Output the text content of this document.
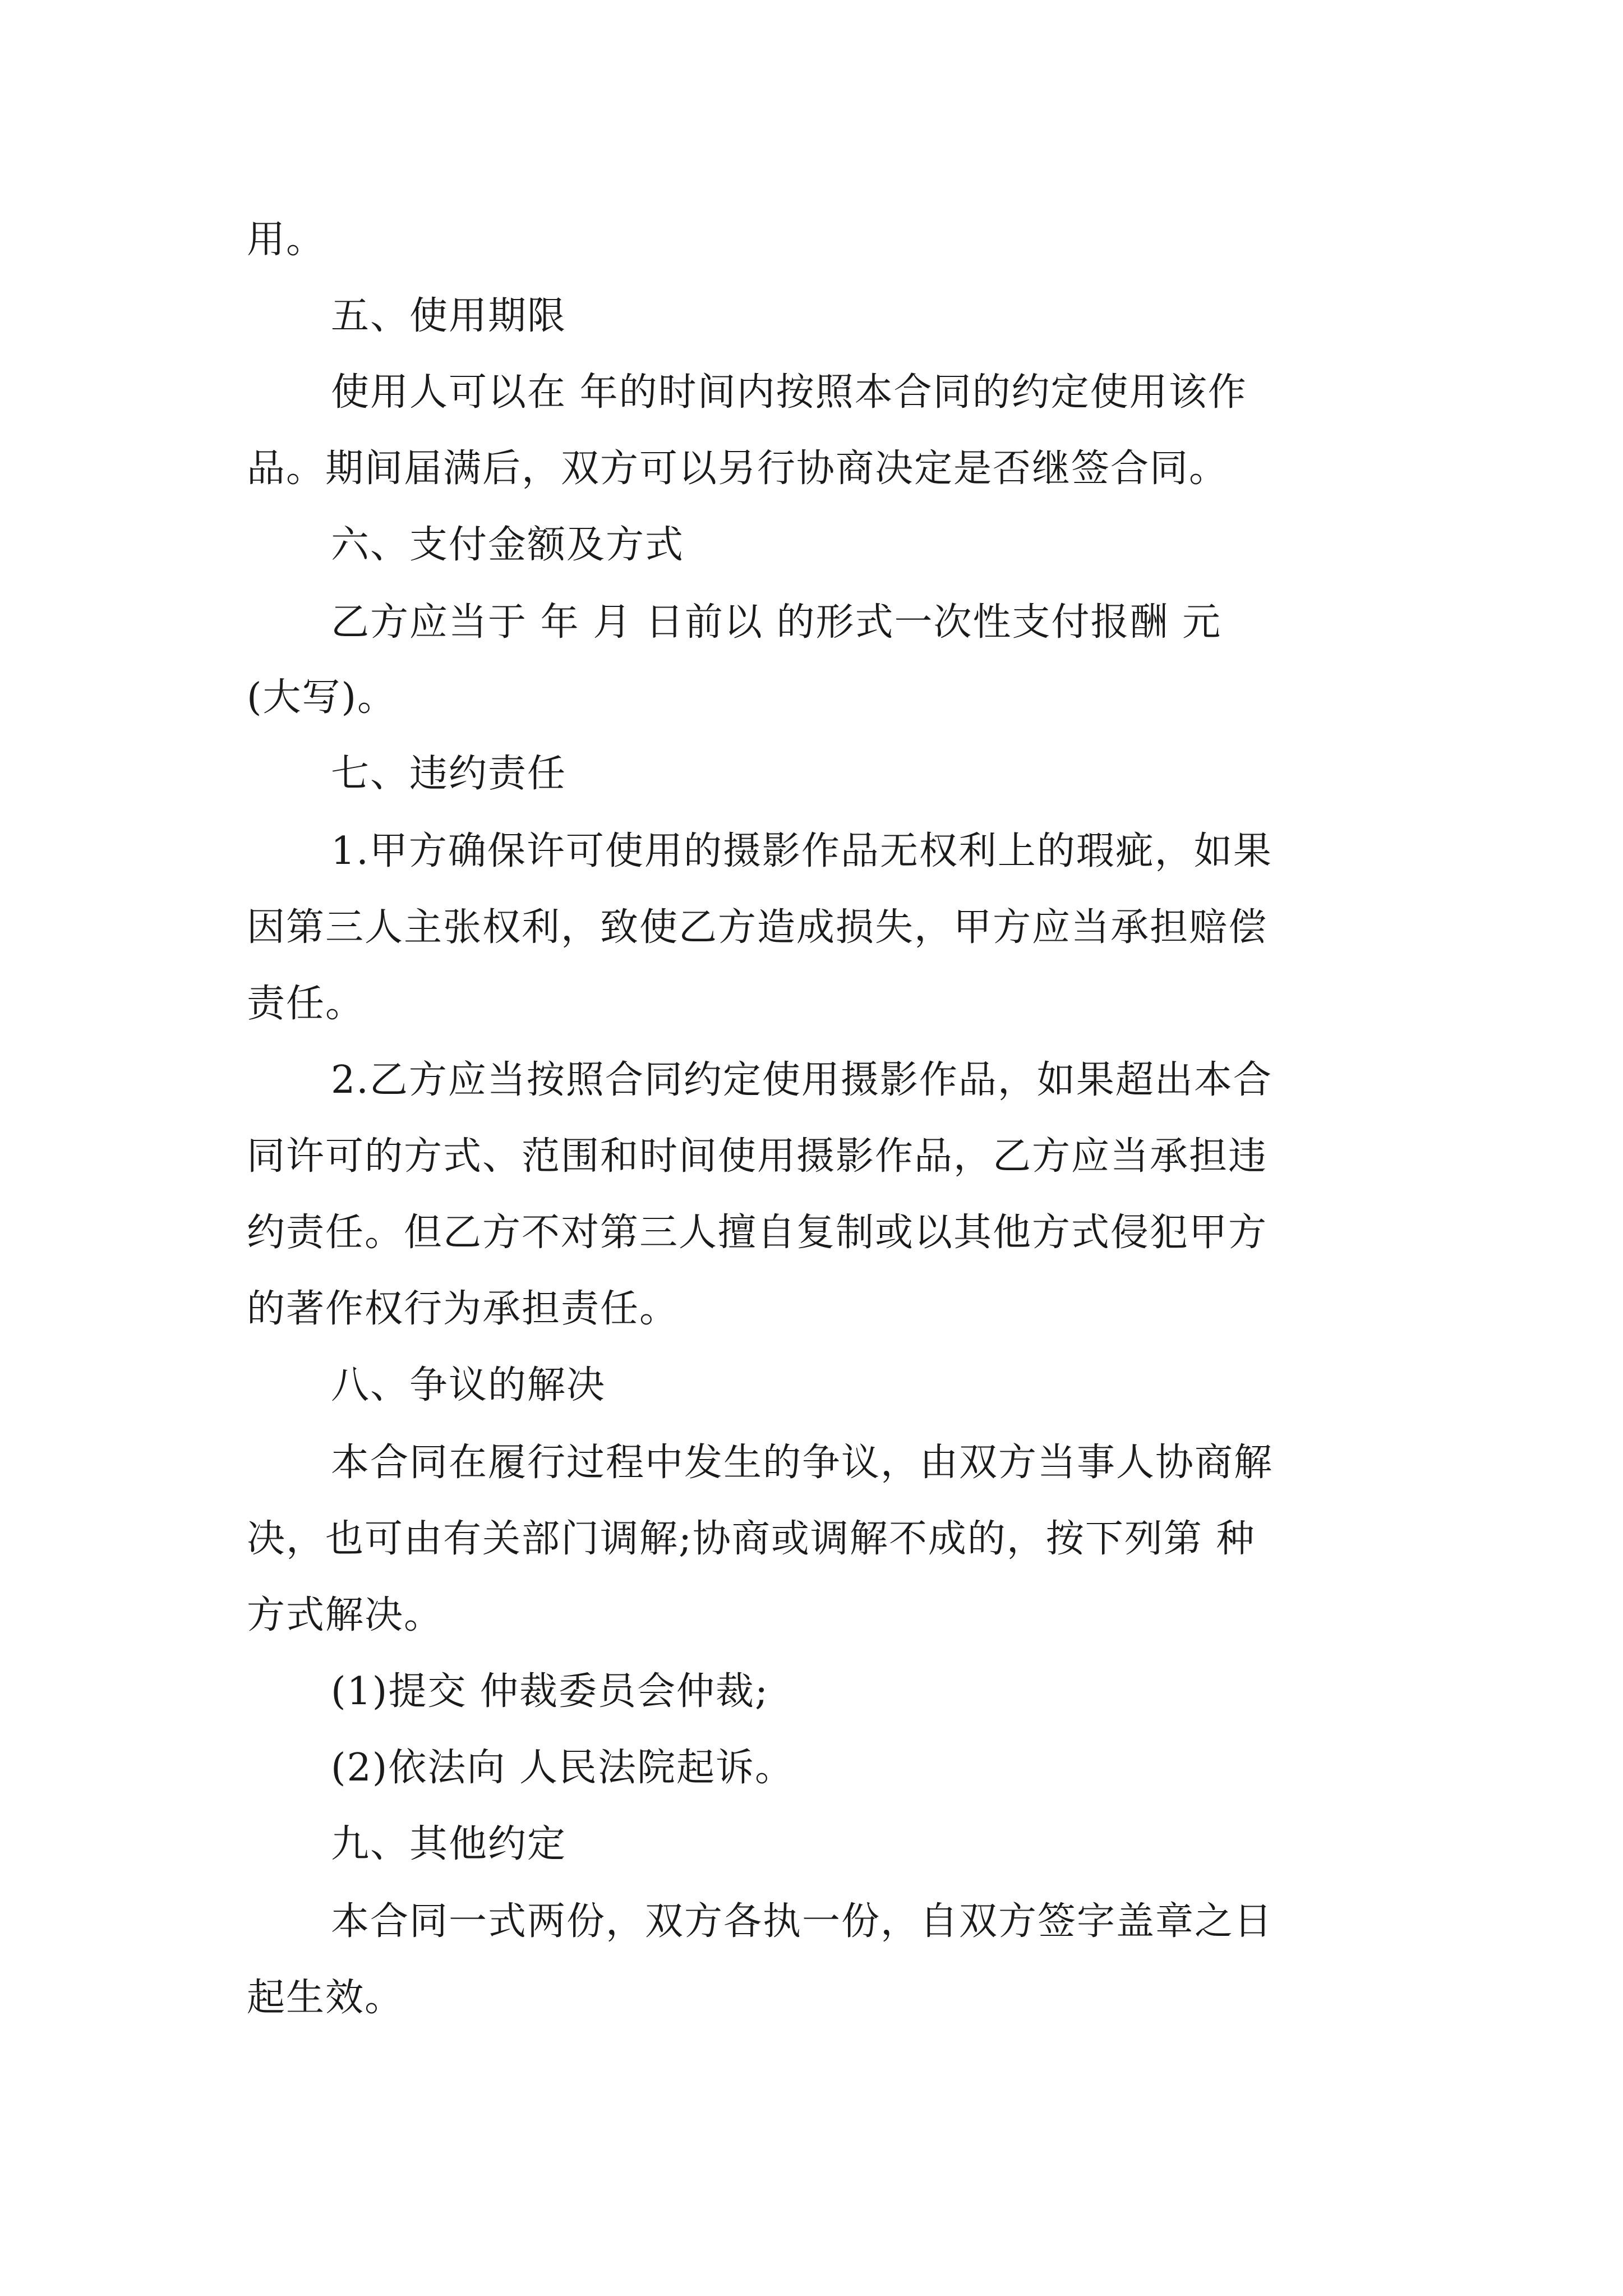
用。
五、使用期限
使用人可以在 年的时间内按照本合同的约定使用该作
品。期间届满后，双方可以另行协商决定是否继签合同。
六、支付金额及方式
乙方应当于 年 月 日前以 的形式一次性支付报酬 元
(大写)。
七、违约责任
1.甲方确保许可使用的摄影作品无权利上的瑕疵，如果
因第三人主张权利，致使乙方造成损失，甲方应当承担赔偿
责任。
2.乙方应当按照合同约定使用摄影作品，如果超出本合
同许可的方式、范围和时间使用摄影作品，乙方应当承担违
约责任。但乙方不对第三人擅自复制或以其他方式侵犯甲方
的著作权行为承担责任。
八、争议的解决
本合同在履行过程中发生的争议，由双方当事人协商解
决，也可由有关部门调解;协商或调解不成的，按下列第 种
方式解决。
(1)提交 仲裁委员会仲裁;
(2)依法向 人民法院起诉。
九、其他约定
本合同一式两份，双方各执一份，自双方签字盖章之日
起生效。
